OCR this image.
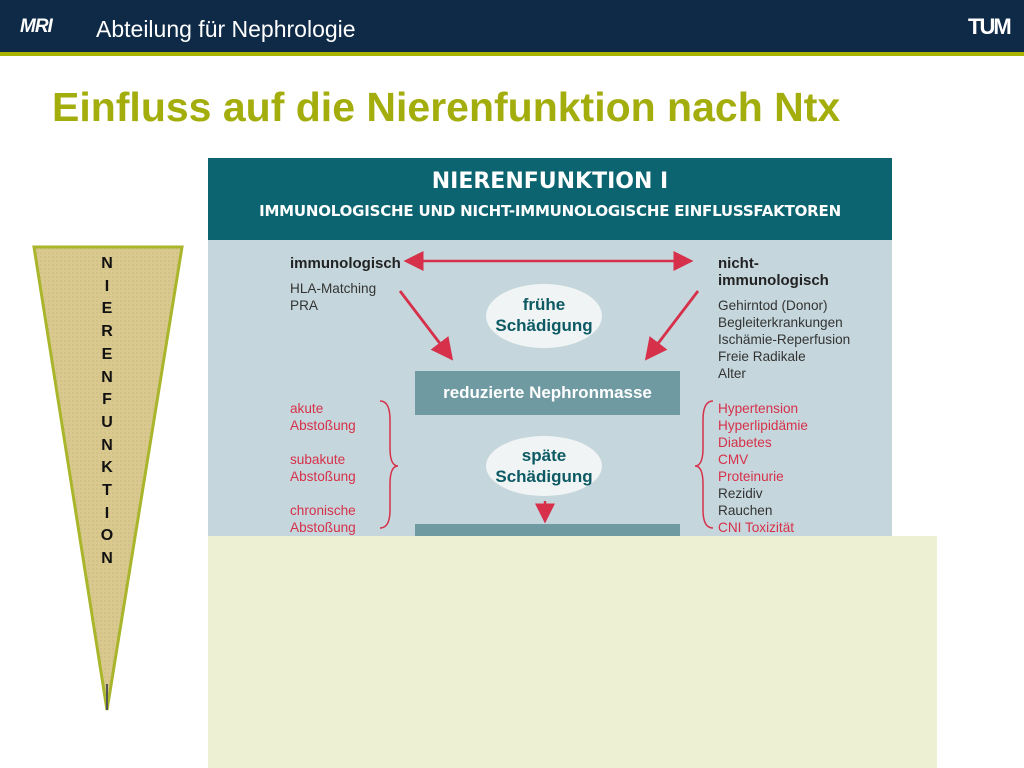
MRI Abteilung für Nephrologie	TUM
Einfluss auf die Nierenfunktion nach Ntx
N
I
E
R
E
N
F
U
N
K
T
I
O
N
NIERENFUNKTION I
IMMUNOLOGISCHE UND NICHT-IMMUNOLOGISCHE EINFLUSSFAKTOREN
immunologisch
HLA-Matching
PRA
nicht-
immunologisch
Gehirntod (Donor)
Begleiterkrankungen
Ischämie-Reperfusion
Freie Radikale
Alter
frühe
Schädigung
reduzierte Nephronmasse
späte
Schädigung
akute
Abstoßung
subakute
Abstoßung
chronische
Abstoßung
Hypertension
Hyperlipidämie
Diabetes
CMV
Proteinurie
Rezidiv
Rauchen
CNI Toxizität
